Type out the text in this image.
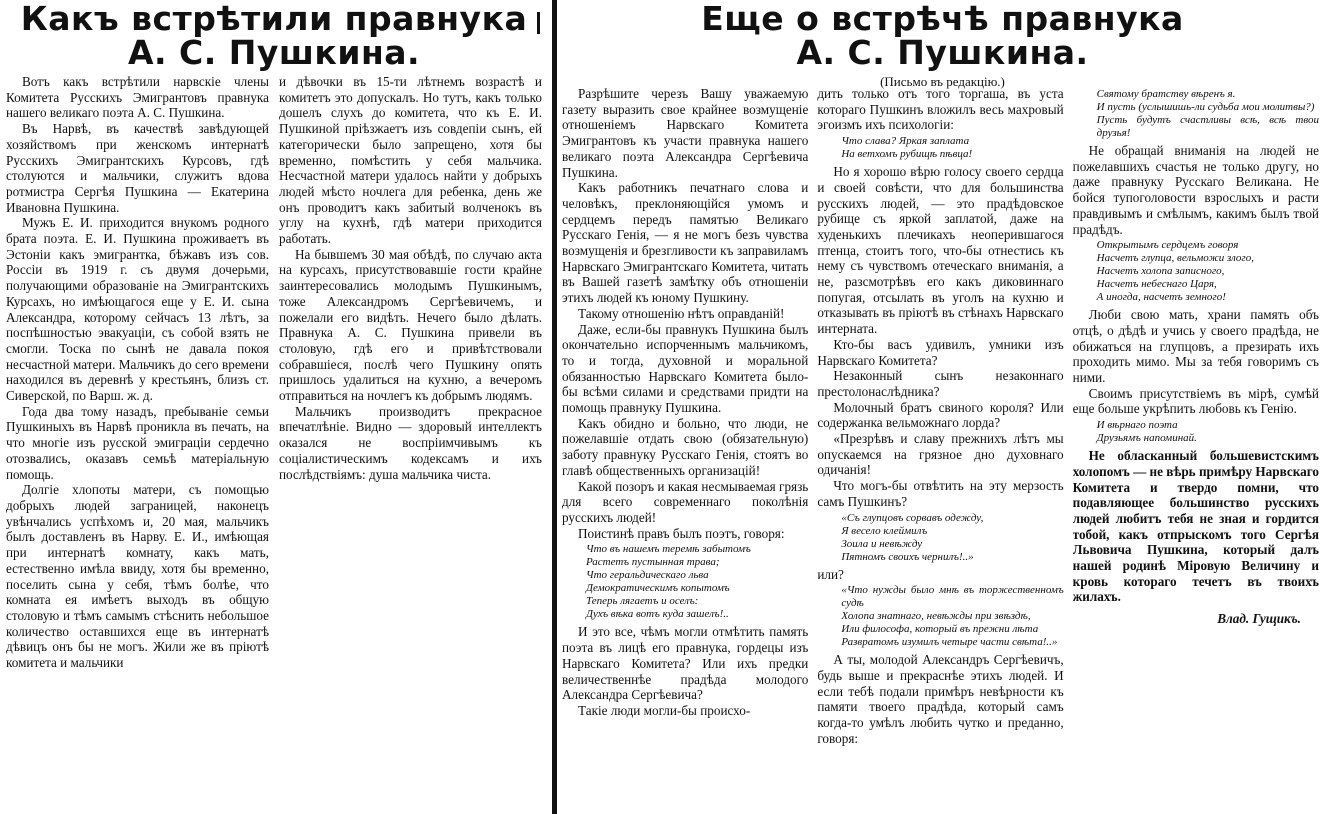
Какъ встрѣтили правнука
А. С. Пушкина.

Вотъ какъ встрѣтили нарвскіе члены Комитета Русскихъ Эмигрантовъ правнука нашего великаго поэта А. С. Пушкина.

Въ Нарвѣ, въ качествѣ завѣдующей хозяйствомъ при женскомъ интернатѣ Русскихъ Эмигрантскихъ Курсовъ, гдѣ столуются и мальчики, служитъ вдова ротмистра Сергѣя Пушкина — Екатерина Ивановна Пушкина.

Мужъ Е. И. приходится внукомъ родного брата поэта. Е. И. Пушкина проживаетъ въ Эстоніи какъ эмигрантка, бѣжавъ изъ сов. Россіи въ 1919 г. съ двумя дочерьми, получающими образованіе на Эмигрантскихъ Курсахъ, но имѣющагося еще у Е. И. сына Александра, которому сейчасъ 13 лѣтъ, за поспѣшностью эвакуаціи, съ собой взять не смогли. Тоска по сынѣ не давала покоя несчастной матери. Мальчикъ до сего времени находился въ деревнѣ у крестьянъ, близъ ст. Сиверской, по Варш. ж. д.

Года два тому назадъ, пребываніе семьи Пушкиныхъ въ Нарвѣ проникла въ печать, на что многіе изъ русской эмиграціи сердечно отозвались, оказавъ семьѣ матеріальную помощь.

Долгіе хлопоты матери, съ помощью добрыхъ людей заграницей, наконецъ увѣнчались успѣхомъ и, 20 мая, мальчикъ былъ доставленъ въ Нарву. Е. И., имѣющая при интернатѣ комнату, какъ мать, естественно имѣла ввиду, хотя бы временно, поселить сына у себя, тѣмъ болѣе, что комната ея имѣетъ выходъ въ общую столовую и тѣмъ самымъ стѣснить небольшое количество оставшихся еще въ интернатѣ дѣвицъ онъ бы не могъ. Жили же въ пріютѣ комитета и мальчики

и дѣвочки въ 15-ти лѣтнемъ возрастѣ и комитетъ это допускалъ. Но тутъ, какъ только дошелъ слухъ до комитета, что къ Е. И. Пушкиной пріѣзжаетъ изъ совдепіи сынъ, ей категорически было запрещено, хотя бы временно, помѣстить у себя мальчика. Несчастной матери удалось найти у добрыхъ людей мѣсто ночлега для ребенка, день же онъ проводитъ какъ забитый волченокъ въ углу на кухнѣ, гдѣ матери приходится работать.

На бывшемъ 30 мая обѣдѣ, по случаю акта на курсахъ, присутствовавшіе гости крайне заинтересовались молодымъ Пушкинымъ, тоже Александромъ Сергѣевичемъ, и пожелали его видѣть. Нечего было дѣлать. Правнука А. С. Пушкина привели въ столовую, гдѣ его и привѣтствовали собравшіеся, послѣ чего Пушкину опять пришлось удалиться на кухню, а вечеромъ отправиться на ночлегъ къ добрымъ людямъ.

Мальчикъ производитъ прекрасное впечатлѣніе. Видно — здоровый интеллектъ оказался не воспріимчивымъ къ соціалистическимъ кодексамъ и ихъ послѣдствіямъ: душа мальчика чиста.

Еще о встрѣчѣ правнука
А. С. Пушкина.
(Письмо въ редакцію.)

Разрѣшите черезъ Вашу уважаемую газету выразить свое крайнее возмущеніе отношеніемъ Нарвскаго Комитета Эмигрантовъ къ участи правнука нашего великаго поэта Александра Сергѣевича Пушкина.

Какъ работникъ печатнаго слова и человѣкъ, преклоняющійся умомъ и сердцемъ передъ памятью Великаго Русскаго Генія, — я не могъ безъ чувства возмущенія и брезгливости къ заправиламъ Нарвскаго Эмигрантскаго Комитета, читать въ Вашей газетѣ замѣтку объ отношеніи этихъ людей къ юному Пушкину.

Такому отношенію нѣтъ оправданій!

Даже, если-бы правнукъ Пушкина былъ окончательно испорченнымъ мальчикомъ, то и тогда, духовной и моральной обязанностью Нарвскаго Комитета было-бы всѣми силами и средствами придти на помощь правнуку Пушкина.

Какъ обидно и больно, что люди, не пожелавшіе отдать свою (обязательную) заботу правнуку Русскаго Генія, стоятъ во главѣ общественныхъ организацій!

Какой позоръ и какая несмываемая грязь для всего современнаго поколѣнія русскихъ людей!

Поистинѣ правъ былъ поэтъ, говоря:

Что въ нашемъ теремѣ забытомъ
Растетъ пустынная трава;
Что геральдическаго льва
Демократическимъ копытомъ
Теперь лягаетъ и оселъ:
Духъ вѣка вотъ куда зашелъ!..

И это все, чѣмъ могли отмѣтить память поэта въ лицѣ его правнука, гордецы изъ Нарвскаго Комитета? Или ихъ предки величественнѣе прадѣда молодого Александра Сергѣевича?

Такіе люди могли-бы происхо-

дить только отъ того торгаша, въ уста котораго Пушкинъ вложилъ весь махровый эгоизмъ ихъ психологіи:

Что слава? Яркая заплата
На ветхомъ рубищѣ пѣвца!

Но я хорошо вѣрю голосу своего сердца и своей совѣсти, что для большинства русскихъ людей, — это прадѣдовское рубище съ яркой заплатой, даже на худенькихъ плечикахъ неоперившагося птенца, стоитъ того, что-бы отнестись къ нему съ чувствомъ отеческаго вниманія, а не, разсмотрѣвъ его какъ диковиннаго попугая, отсылать въ уголъ на кухню и отказывать въ пріютѣ въ стѣнахъ Нарвскаго интерната.

Кто-бы васъ удивилъ, умники изъ Нарвскаго Комитета?

Незаконный сынъ незаконнаго престолонаслѣдника?

Молочный братъ свиного короля? Или содержанка вельможнаго лорда?

«Презрѣвъ и славу прежнихъ лѣтъ мы опускаемся на грязное дно духовнаго одичанія!

Что могъ-бы отвѣтить на эту мерзость самъ Пушкинъ?

«Съ глупцовъ сорвавъ одежду,
Я весело клеймилъ
Зоила и невѣжду
Пятномъ своихъ чернилъ!..»

или?

«Что нужды было мнѣ въ торжественномъ судѣ
Холопа знатнаго, невѣжды при звѣздѣ,
Или философа, который въ прежни лѣта
Развратомъ изумилъ четыре части свѣта!..»

А ты, молодой Александръ Сергѣевичъ, будь выше и прекраснѣе этихъ людей. И если тебѣ подали примѣръ невѣрности къ памяти твоего прадѣда, который самъ когда-то умѣлъ любить чутко и преданно, говоря:

Святому братству вѣренъ я.
И пусть (услышишь-ли судьба мои молитвы?)
Пусть будутъ счастливы всѣ, всѣ твои друзья!

Не обращай вниманія на людей не пожелавшихъ счастья не только другу, но даже правнуку Русскаго Великана. Не бойся тупоголовости взрослыхъ и расти правдивымъ и смѣлымъ, какимъ былъ твой прадѣдъ.

Открытымъ сердцемъ говоря
Насчетъ глупца, вельможи злого,
Насчетъ холопа записного,
Насчетъ небеснаго Царя,
А иногда, насчетъ земного!

Люби свою мать, храни память объ отцѣ, о дѣдѣ и учись у своего прадѣда, не обижаться на глупцовъ, а презирать ихъ проходить мимо. Мы за тебя говоримъ съ ними.

Своимъ присутствіемъ въ мірѣ, сумѣй еще больше укрѣпить любовь къ Генію.

И вѣрнаго поэта
Друзьямъ напоминай.

Не обласканный большевистскимъ холопомъ — не вѣрь примѣру Нарвскаго Комитета и твердо помни, что подавляющее большинство русскихъ людей любитъ тебя не зная и гордится тобой, какъ отпрыскомъ того Сергѣя Львовича Пушкина, который далъ нашей родинѣ Міровую Величину и кровь котораго течетъ въ твоихъ жилахъ.

Влад. Гущикъ.
